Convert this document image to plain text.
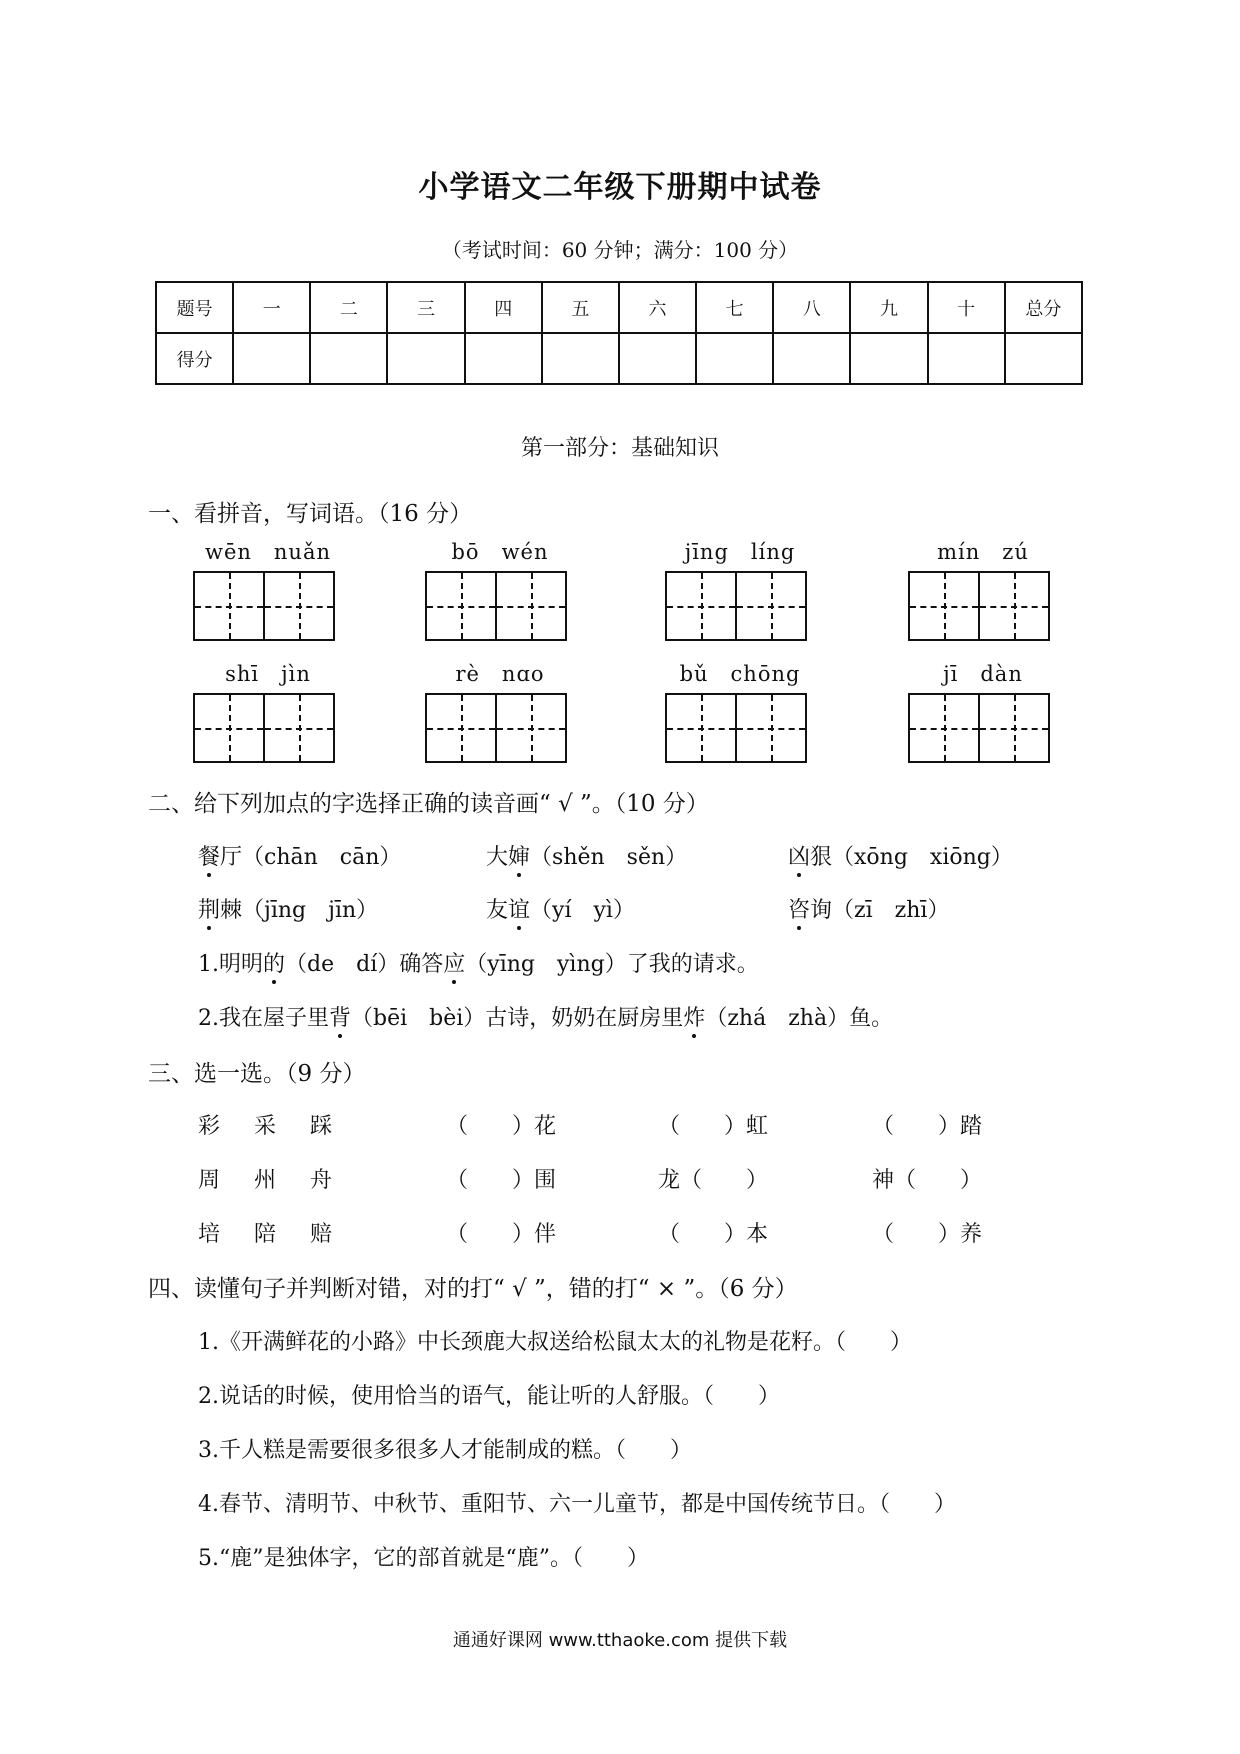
小学语文二年级下册期中试卷
（考试时间：60 分钟；满分：100 分）
题号	一	二	三	四	五	六	七	八	九	十	总分
得分											
第一部分：基础知识
一、看拼音，写词语。（16 分）
wēn　 nuǎn	bō　 wén	jīng　 líng	mín　 zú
shī　 jìn	rè　 nɑo	bǔ　 chōng	jī　 dàn
二、给下列加点的字选择正确的读音画“ √ ”。（10 分）
餐厅（chān　cān）	大婶（shěn　sěn）	凶狠（xōng　xiōng）
荆棘（jīng　jīn）	友谊（yí　yì）	咨询（zī　zhī）
1.明明的（de　dí）确答应（yīng　yìng）了我的请求。
2.我在屋子里背（bēi　bèi）古诗，奶奶在厨房里炸（zhá　zhà）鱼。
三、选一选。（9 分）
彩　采　踩	（　　）花	（　　）虹	（　　）踏
周　州　舟	（　　）围	龙（　　）	神（　　）
培　陪　赔	（　　）伴	（　　）本	（　　）养
四、读懂句子并判断对错，对的打“ √ ”，错的打“ × ”。（6 分）
1.《开满鲜花的小路》中长颈鹿大叔送给松鼠太太的礼物是花籽。（　　）
2.说话的时候，使用恰当的语气，能让听的人舒服。（　　）
3.千人糕是需要很多很多人才能制成的糕。（　　）
4.春节、清明节、中秋节、重阳节、六一儿童节，都是中国传统节日。（　　）
5.“鹿”是独体字，它的部首就是“鹿”。（　　）
通通好课网 www.tthaoke.com 提供下载
